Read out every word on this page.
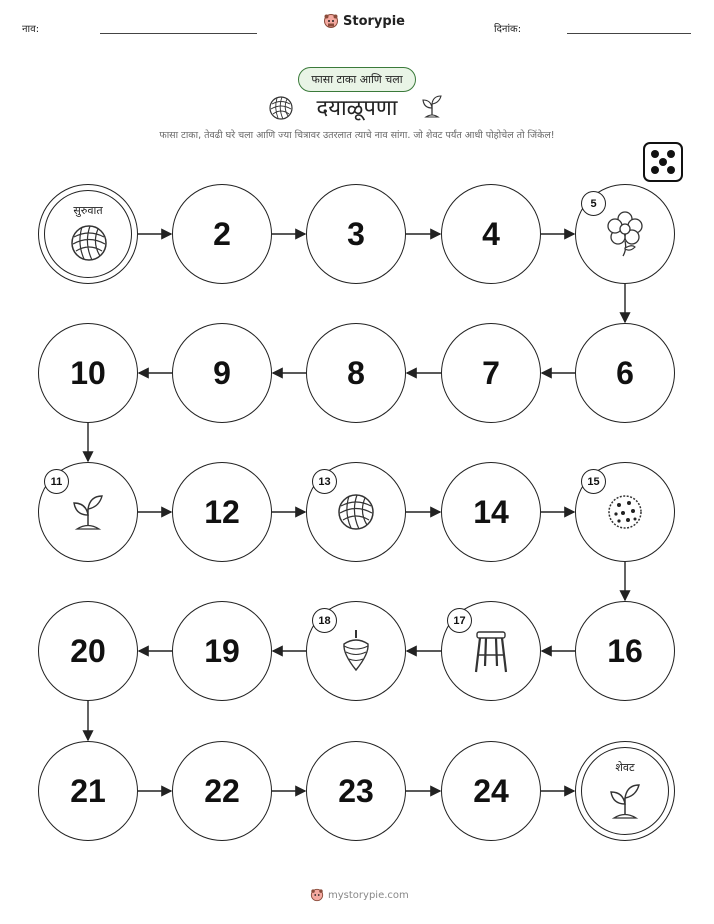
नाव:
Storypie
दिनांक:
फासा टाका आणि चला
दयाळूपणा
फासा टाका, तेवढी घरे चला आणि ज्या चित्रावर उतरलात त्याचे नाव सांगा. जो शेवट पर्यंत आधी पोहोचेल तो जिंकेल!
सुरुवात
2	3	4
5
6
7
8
9
10
11
12
13
14
15
16
17
18
19
20
21	22	23	24
शेवट
mystorypie.com
